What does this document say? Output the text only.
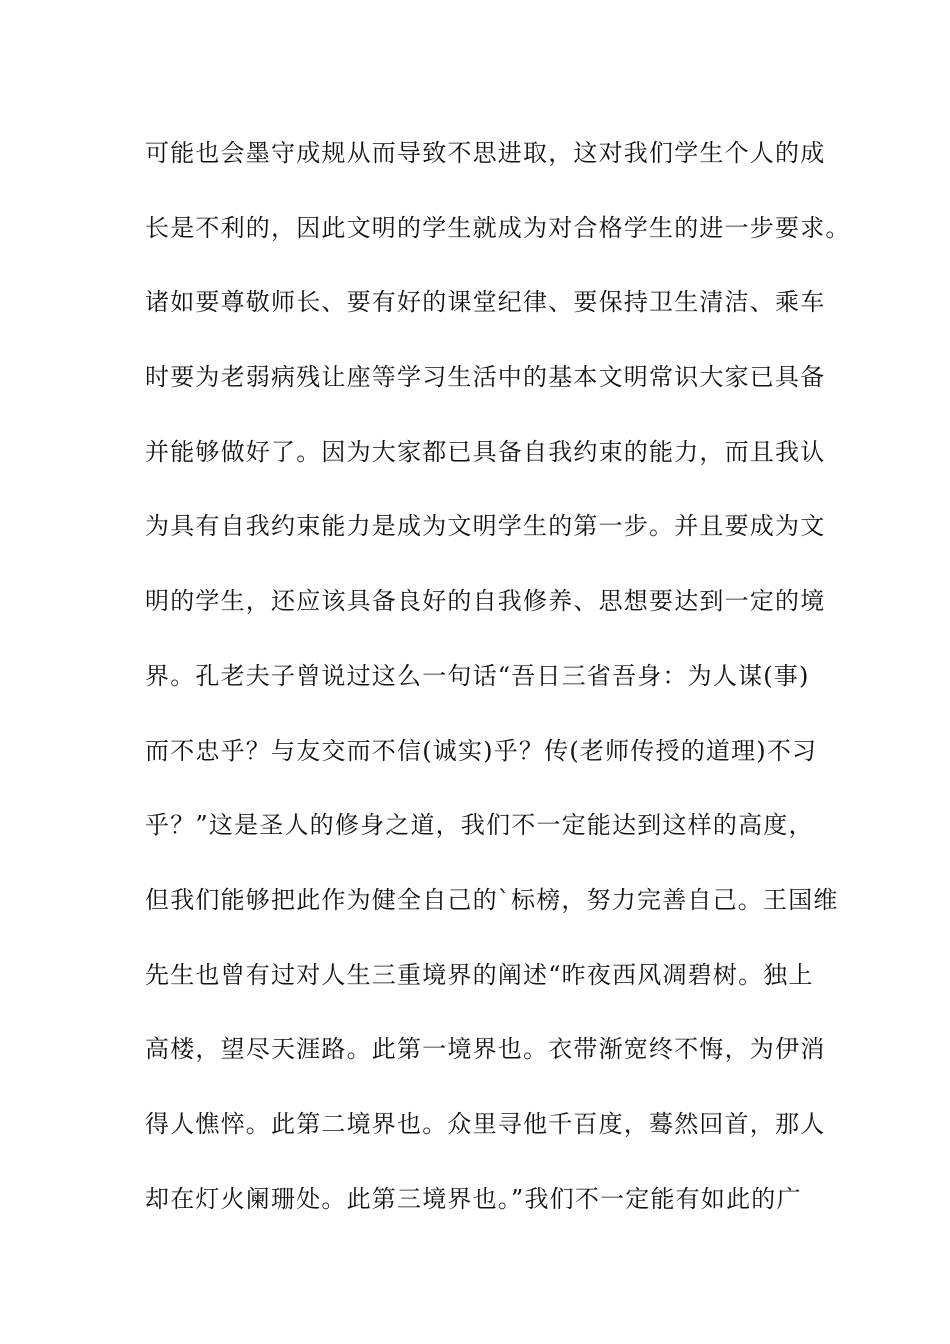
可能也会墨守成规从而导致不思进取，这对我们学生个人的成
长是不利的，因此文明的学生就成为对合格学生的进一步要求。
诸如要尊敬师长、要有好的课堂纪律、要保持卫生清洁、乘车
时要为老弱病残让座等学习生活中的基本文明常识大家已具备
并能够做好了。因为大家都已具备自我约束的能力，而且我认
为具有自我约束能力是成为文明学生的第一步。并且要成为文
明的学生，还应该具备良好的自我修养、思想要达到一定的境
界。孔老夫子曾说过这么一句话“吾日三省吾身：为人谋(事)
而不忠乎？与友交而不信(诚实)乎？传(老师传授的道理)不习
乎？”这是圣人的修身之道，我们不一定能达到这样的高度，
但我们能够把此作为健全自己的`标榜，努力完善自己。王国维
先生也曾有过对人生三重境界的阐述“昨夜西风凋碧树。独上
高楼，望尽天涯路。此第一境界也。衣带渐宽终不悔，为伊消
得人憔悴。此第二境界也。众里寻他千百度，蓦然回首，那人
却在灯火阑珊处。此第三境界也。”我们不一定能有如此的广
